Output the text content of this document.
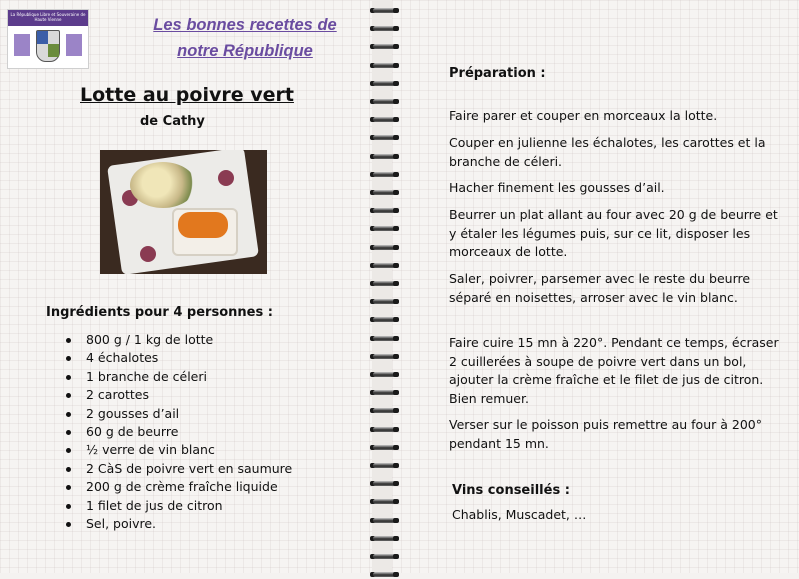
La République Libre et Souveraine de Haute Vienne	Les bonnes recettes de
notre République
Lotte au poivre vert
de Cathy
Ingrédients pour 4 personnes :
800 g / 1 kg de lotte
4 échalotes
1 branche de céleri
2 carottes
2 gousses d’ail
60 g de beurre
½ verre de vin blanc
2 CàS de poivre vert en saumure
200 g de crème fraîche liquide
1 filet de jus de citron
Sel, poivre.
Préparation :

Faire parer et couper en morceaux la lotte.

Couper en julienne les échalotes, les carottes et la branche de céleri.

Hacher finement les gousses d’ail.

Beurrer un plat allant au four avec 20 g de beurre et y étaler les légumes puis, sur ce lit, disposer les morceaux de lotte.

Saler, poivrer, parsemer avec le reste du beurre séparé en noisettes, arroser avec le vin blanc.

Faire cuire 15 mn à 220°. Pendant ce temps, écraser 2 cuillerées à soupe de poivre vert dans un bol, ajouter la crème fraîche et le filet de jus de citron. Bien remuer.

Verser sur le poisson puis remettre au four à 200° pendant 15 mn.

Vins conseillés :
Chablis, Muscadet, …
